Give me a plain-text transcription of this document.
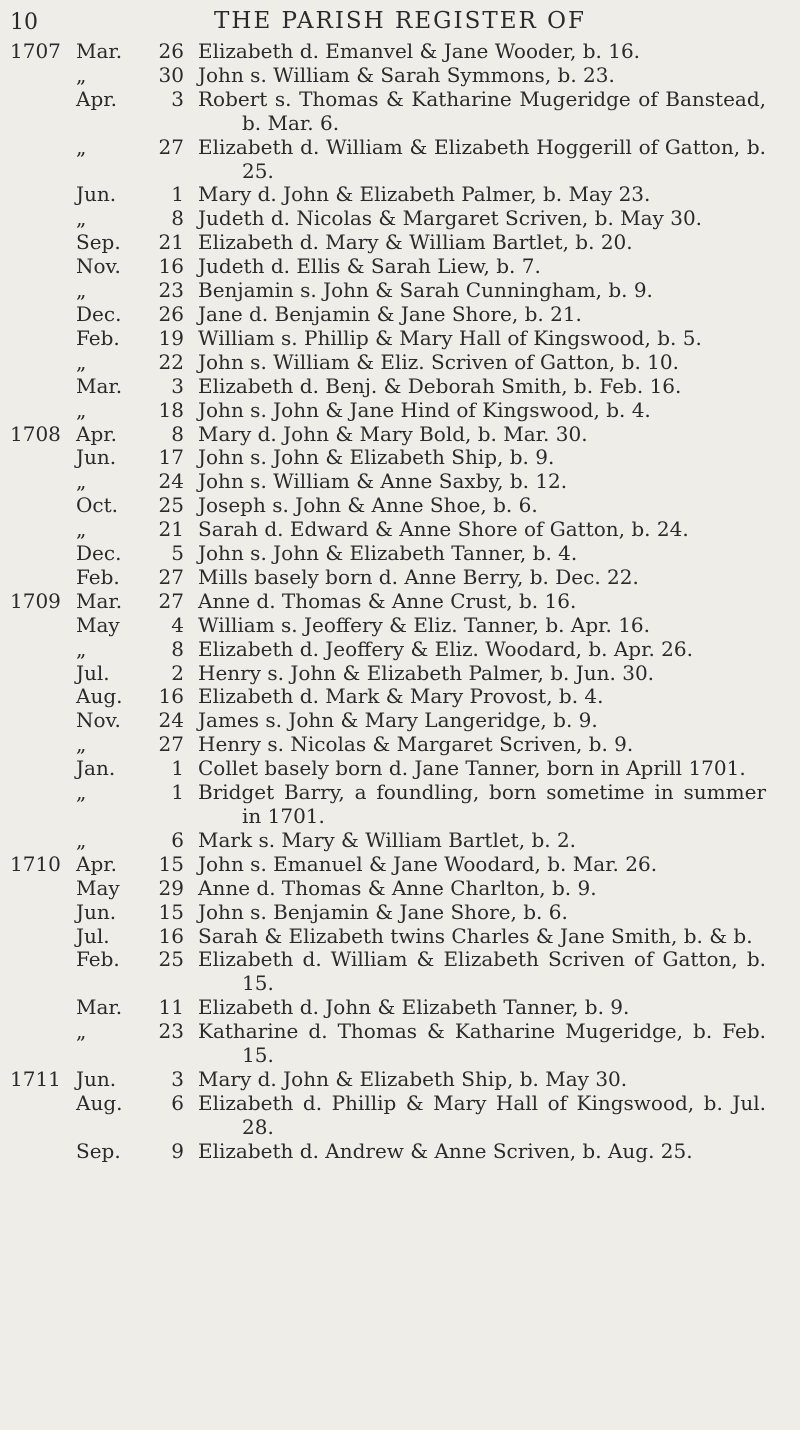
10	THE PARISH REGISTER OF
1707 Mar.	26 Elizabeth d. Emanvel & Jane Wooder, b. 16.
„	30 John s. William & Sarah Symmons, b. 23.
Apr.	3 Robert s. Thomas & Katharine Mugeridge of Banstead, b. Mar. 6.
„	27 Elizabeth d. William & Elizabeth Hoggerill of Gatton, b. 25.
Jun.	1 Mary d. John & Elizabeth Palmer, b. May 23.
„	8 Judeth d. Nicolas & Margaret Scriven, b. May 30.
Sep.	21 Elizabeth d. Mary & William Bartlet, b. 20.
Nov.	16 Judeth d. Ellis & Sarah Liew, b. 7.
„	23 Benjamin s. John & Sarah Cunningham, b. 9.
Dec.	26 Jane d. Benjamin & Jane Shore, b. 21.
Feb.	19 William s. Phillip & Mary Hall of Kingswood, b. 5.
„	22 John s. William & Eliz. Scriven of Gatton, b. 10.
Mar.	3 Elizabeth d. Benj. & Deborah Smith, b. Feb. 16.
„	18 John s. John & Jane Hind of Kingswood, b. 4.
1708 Apr.	8 Mary d. John & Mary Bold, b. Mar. 30.
Jun.	17 John s. John & Elizabeth Ship, b. 9.
„	24 John s. William & Anne Saxby, b. 12.
Oct.	25 Joseph s. John & Anne Shoe, b. 6.
„	21 Sarah d. Edward & Anne Shore of Gatton, b. 24.
Dec.	5 John s. John & Elizabeth Tanner, b. 4.
Feb.	27 Mills basely born d. Anne Berry, b. Dec. 22.
1709 Mar.	27 Anne d. Thomas & Anne Crust, b. 16.
May	4 William s. Jeoffery & Eliz. Tanner, b. Apr. 16.
„	8 Elizabeth d. Jeoffery & Eliz. Woodard, b. Apr. 26.
Jul.	2 Henry s. John & Elizabeth Palmer, b. Jun. 30.
Aug.	16 Elizabeth d. Mark & Mary Provost, b. 4.
Nov.	24 James s. John & Mary Langeridge, b. 9.
„	27 Henry s. Nicolas & Margaret Scriven, b. 9.
Jan.	1 Collet basely born d. Jane Tanner, born in Aprill 1701.
„	1 Bridget Barry, a foundling, born sometime in summer in 1701.
„	6 Mark s. Mary & William Bartlet, b. 2.
1710 Apr.	15 John s. Emanuel & Jane Woodard, b. Mar. 26.
May	29 Anne d. Thomas & Anne Charlton, b. 9.
Jun.	15 John s. Benjamin & Jane Shore, b. 6.
Jul.	16 Sarah & Elizabeth twins Charles & Jane Smith, b. & b.
Feb.	25 Elizabeth d. William & Elizabeth Scriven of Gatton, b. 15.
Mar.	11 Elizabeth d. John & Elizabeth Tanner, b. 9.
„	23 Katharine d. Thomas & Katharine Mugeridge, b. Feb. 15.
1711 Jun.	3 Mary d. John & Elizabeth Ship, b. May 30.
Aug.	6 Elizabeth d. Phillip & Mary Hall of Kingswood, b. Jul. 28.
Sep.	9 Elizabeth d. Andrew & Anne Scriven, b. Aug. 25.
